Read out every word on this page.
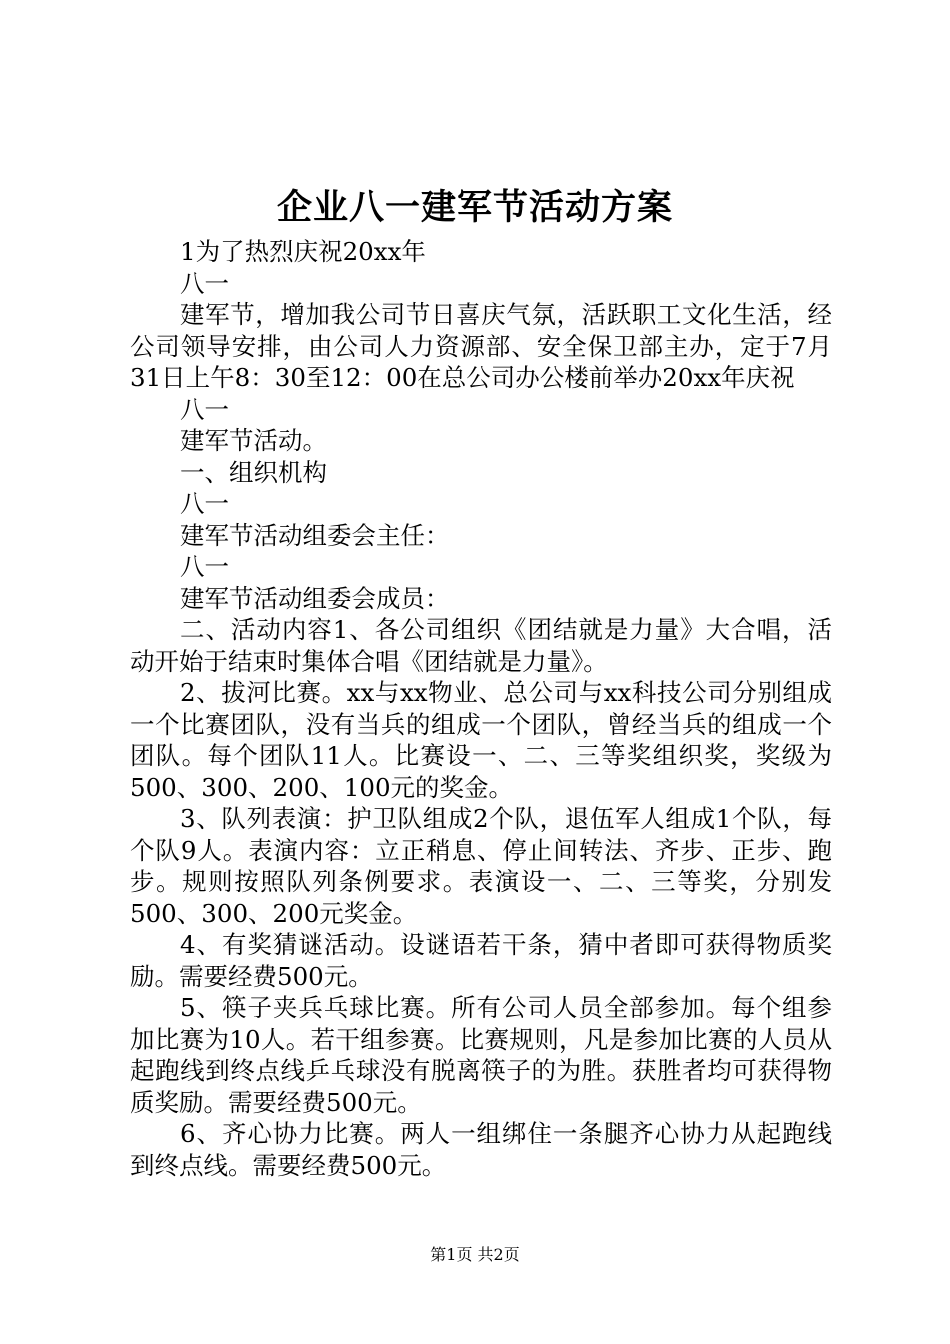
企业八一建军节活动方案

1为了热烈庆祝20xx年

八一

建军节，增加我公司节日喜庆气氛，活跃职工文化生活，经公司领导安排，由公司人力资源部、安全保卫部主办，定于7月31日上午8：30至12：00在总公司办公楼前举办20xx年庆祝

八一

建军节活动。

一、组织机构

八一

建军节活动组委会主任：

八一

建军节活动组委会成员：

二、活动内容1、各公司组织《团结就是力量》大合唱，活动开始于结束时集体合唱《团结就是力量》。

2、拔河比赛。xx与xx物业、总公司与xx科技公司分别组成一个比赛团队，没有当兵的组成一个团队，曾经当兵的组成一个团队。每个团队11人。比赛设一、二、三等奖组织奖，奖级为500、300、200、100元的奖金。

3、队列表演：护卫队组成2个队，退伍军人组成1个队，每个队9人。表演内容：立正稍息、停止间转法、齐步、正步、跑步。规则按照队列条例要求。表演设一、二、三等奖，分别发500、300、200元奖金。

4、有奖猜谜活动。设谜语若干条，猜中者即可获得物质奖励。需要经费500元。

5、筷子夹兵乓球比赛。所有公司人员全部参加。每个组参加比赛为10人。若干组参赛。比赛规则，凡是参加比赛的人员从起跑线到终点线乒乓球没有脱离筷子的为胜。获胜者均可获得物质奖励。需要经费500元。

6、齐心协力比赛。两人一组绑住一条腿齐心协力从起跑线到终点线。需要经费500元。

第1页 共2页
